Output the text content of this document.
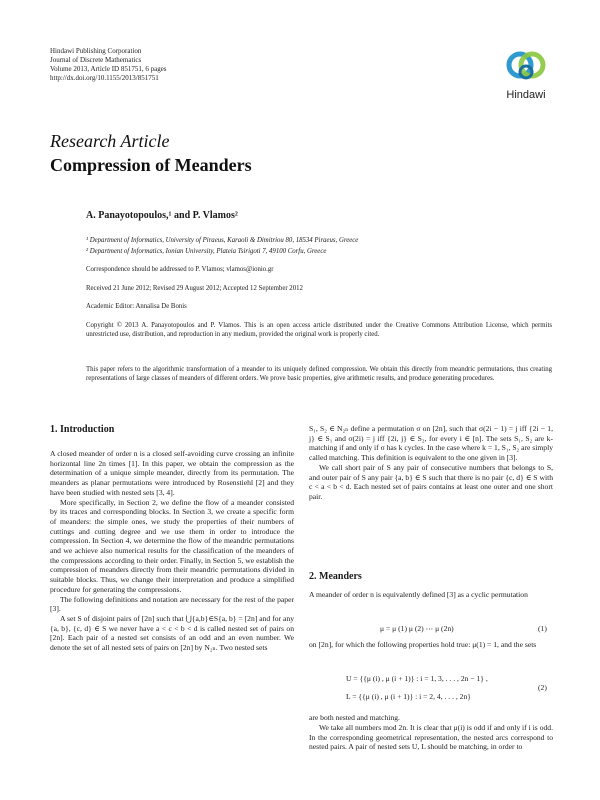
Hindawi Publishing Corporation
Journal of Discrete Mathematics
Volume 2013, Article ID 851751, 6 pages
http://dx.doi.org/10.1155/2013/851751
Hindawi
Research Article
Compression of Meanders
A. Panayotopoulos,¹ and P. Vlamos²
¹ Department of Informatics, University of Piraeus, Karaoli & Dimitriou 80, 18534 Piraeus, Greece
² Department of Informatics, Ionian University, Plateia Tsirigoti 7, 49100 Corfu, Greece
Correspondence should be addressed to P. Vlamos; vlamos@ionio.gr
Received 21 June 2012; Revised 29 August 2012; Accepted 12 September 2012
Academic Editor: Annalisa De Bonis
Copyright © 2013 A. Panayotopoulos and P. Vlamos. This is an open access article distributed under the Creative Commons Attribution License, which permits unrestricted use, distribution, and reproduction in any medium, provided the original work is properly cited.
This paper refers to the algorithmic transformation of a meander to its uniquely defined compression. We obtain this directly from meandric permutations, thus creating representations of large classes of meanders of different orders. We prove basic properties, give arithmetic results, and produce generating procedures.
1. Introduction

A closed meander of order n is a closed self-avoiding curve crossing an infinite horizontal line 2n times [1]. In this paper, we obtain the compression as the determination of a unique simple meander, directly from its permutation. The meanders as planar permutations were introduced by Rosenstiehl [2] and they have been studied with nested sets [3, 4].

More specifically, in Section 2, we define the flow of a meander consisted by its traces and corresponding blocks. In Section 3, we create a specific form of meanders: the simple ones, we study the properties of their numbers of cuttings and cutting degree and we use them in order to introduce the compression. In Section 4, we determine the flow of the meandric permutations and we achieve also numerical results for the classification of the meanders of the compressions according to their order. Finally, in Section 5, we establish the compression of meanders directly from their meandric permutations divided in suitable blocks. Thus, we change their interpretation and produce a simplified procedure for generating the compressions.

The following definitions and notation are necessary for the rest of the paper [3].

A set S of disjoint pairs of [2n] such that ⋃{a,b}∈S{a, b} = [2n] and for any {a, b}, {c, d} ∈ S we never have a < c < b < d is called nested set of pairs on [2n]. Each pair of a nested set consists of an odd and an even number. We denote the set of all nested sets of pairs on [2n] by N₂ₙ. Two nested sets

S₁, S₂ ∈ N₂ₙ define a permutation σ on [2n], such that σ(2i − 1) = j iff {2i − 1, j} ∈ S₁ and σ(2i) = j iff {2i, j} ∈ S₂, for every i ∈ [n]. The sets S₁, S₂ are k-matching if and only if σ has k cycles. In the case where k = 1, S₁, S₂ are simply called matching. This definition is equivalent to the one given in [3].

We call short pair of S any pair of consecutive numbers that belongs to S, and outer pair of S any pair {a, b} ∈ S such that there is no pair {c, d} ∈ S with c < a < b < d. Each nested set of pairs contains at least one outer and one short pair.

2. Meanders
A meander of order n is equivalently defined [3] as a cyclic permutation
μ = μ (1) μ (2) ⋯ μ (2n)	(1)
on [2n], for which the following properties hold true: μ(1) = 1, and the sets
U = {{μ (i) , μ (i + 1)} : i = 1, 3, . . . , 2n − 1} ,
L = {{μ (i) , μ (i + 1)} : i = 2, 4, . . . , 2n}
(2)
are both nested and matching.
We take all numbers mod 2n. It is clear that μ(i) is odd if and only if i is odd. In the corresponding geometrical representation, the nested arcs correspond to nested pairs. A pair of nested sets U, L should be matching, in order to
